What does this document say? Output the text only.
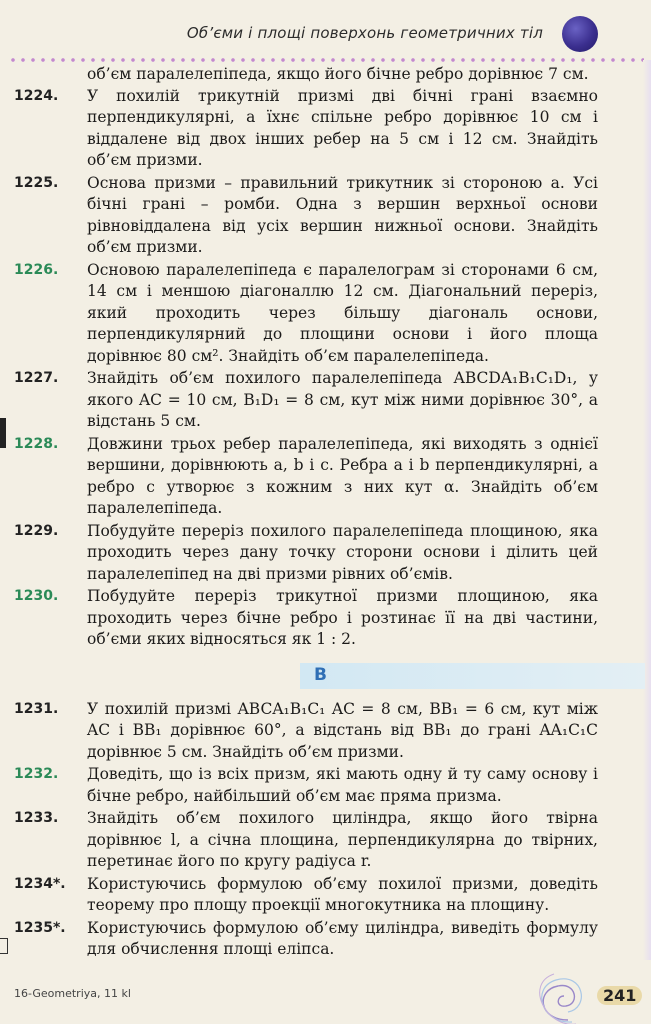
Об’єми і площі поверхонь геометричних тіл
об’єм паралелепіпеда, якщо його бічне ребро дорівнює 7 см.
1224. У похилій трикутній призмі дві бічні грані взаємно перпендикулярні, а їхнє спільне ребро дорівнює 10 см і віддалене від двох інших ребер на 5 см і 12 см. Знайдіть об’єм призми.
1225. Основа призми – правильний трикутник зі стороною a. Усі бічні грані – ромби. Одна з вершин верхньої основи рівновіддалена від усіх вершин нижньої основи. Знайдіть об’єм призми.
1226. Основою паралелепіпеда є паралелограм зі сторонами 6 см, 14 см і меншою діагоналлю 12 см. Діагональний переріз, який проходить через більшу діагональ основи, перпендикулярний до площини основи і його площа дорівнює 80 см². Знайдіть об’єм паралелепіпеда.
1227. Знайдіть об’єм похилого паралелепіпеда ABCDA₁B₁C₁D₁, у якого AC = 10 см, B₁D₁ = 8 см, кут між ними дорівнює 30°, а відстань 5 см.
1228. Довжини трьох ребер паралелепіпеда, які виходять з однієї вершини, дорівнюють a, b і c. Ребра a і b перпендикулярні, а ребро c утворює з кожним з них кут α. Знайдіть об’єм паралелепіпеда.
1229. Побудуйте переріз похилого паралелепіпеда площиною, яка проходить через дану точку сторони основи і ділить цей паралелепіпед на дві призми рівних об’ємів.
1230. Побудуйте переріз трикутної призми площиною, яка проходить через бічне ребро і розтинає її на дві частини, об’єми яких відносяться як 1 : 2.
В
1231. У похилій призмі ABCA₁B₁C₁ AC = 8 см, BB₁ = 6 см, кут між AC і BB₁ дорівнює 60°, а відстань від BB₁ до грані AA₁C₁C дорівнює 5 см. Знайдіть об’єм призми.
1232. Доведіть, що із всіх призм, які мають одну й ту саму основу і бічне ребро, найбільший об’єм має пряма призма.
1233. Знайдіть об’єм похилого циліндра, якщо його твірна дорівнює l, а січна площина, перпендикулярна до твірних, перетинає його по кругу радіуса r.
1234*. Користуючись формулою об’єму похилої призми, доведіть теорему про площу проекції многокутника на площину.
1235*. Користуючись формулою об’єму циліндра, виведіть формулу для обчислення площі еліпса.
16-Geometriya, 11 kl	241
